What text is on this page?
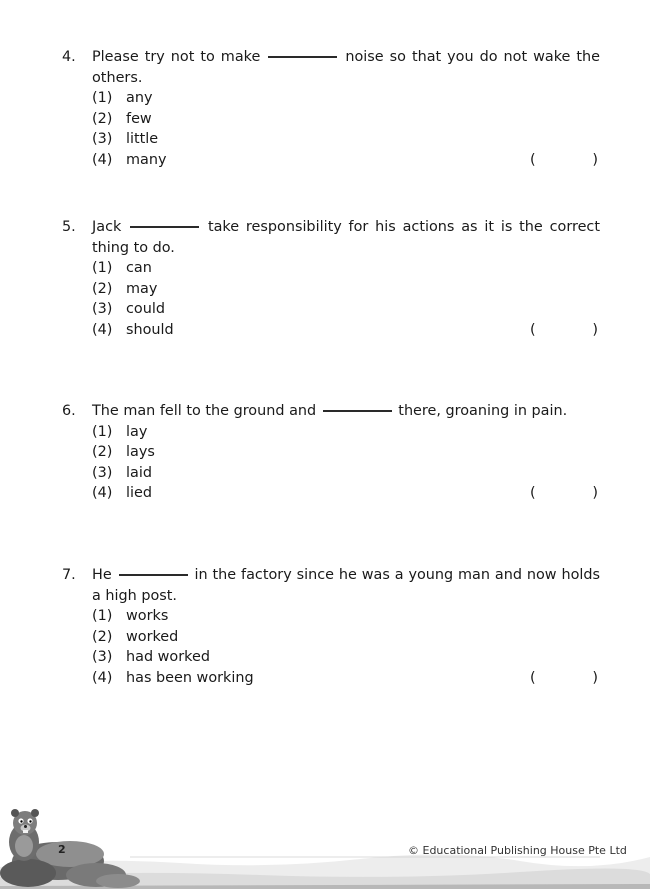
4.	Please try not to make	noise so that you do not wake the others.
(1) any
(2) few
(3) little
(4) many	(	)
5.	Jack	take responsibility for his actions as it is the correct thing to do.
(1) can
(2) may
(3) could
(4) should	(	)
6.	The man fell to the ground and	there, groaning in pain.
(1) lay
(2) lays
(3) laid
(4) lied	(	)
7.	He	in the factory since he was a young man and now holds a high post.
(1) works
(2) worked
(3) had worked
(4) has been working	(	)
2	© Educational Publishing House Pte Ltd
